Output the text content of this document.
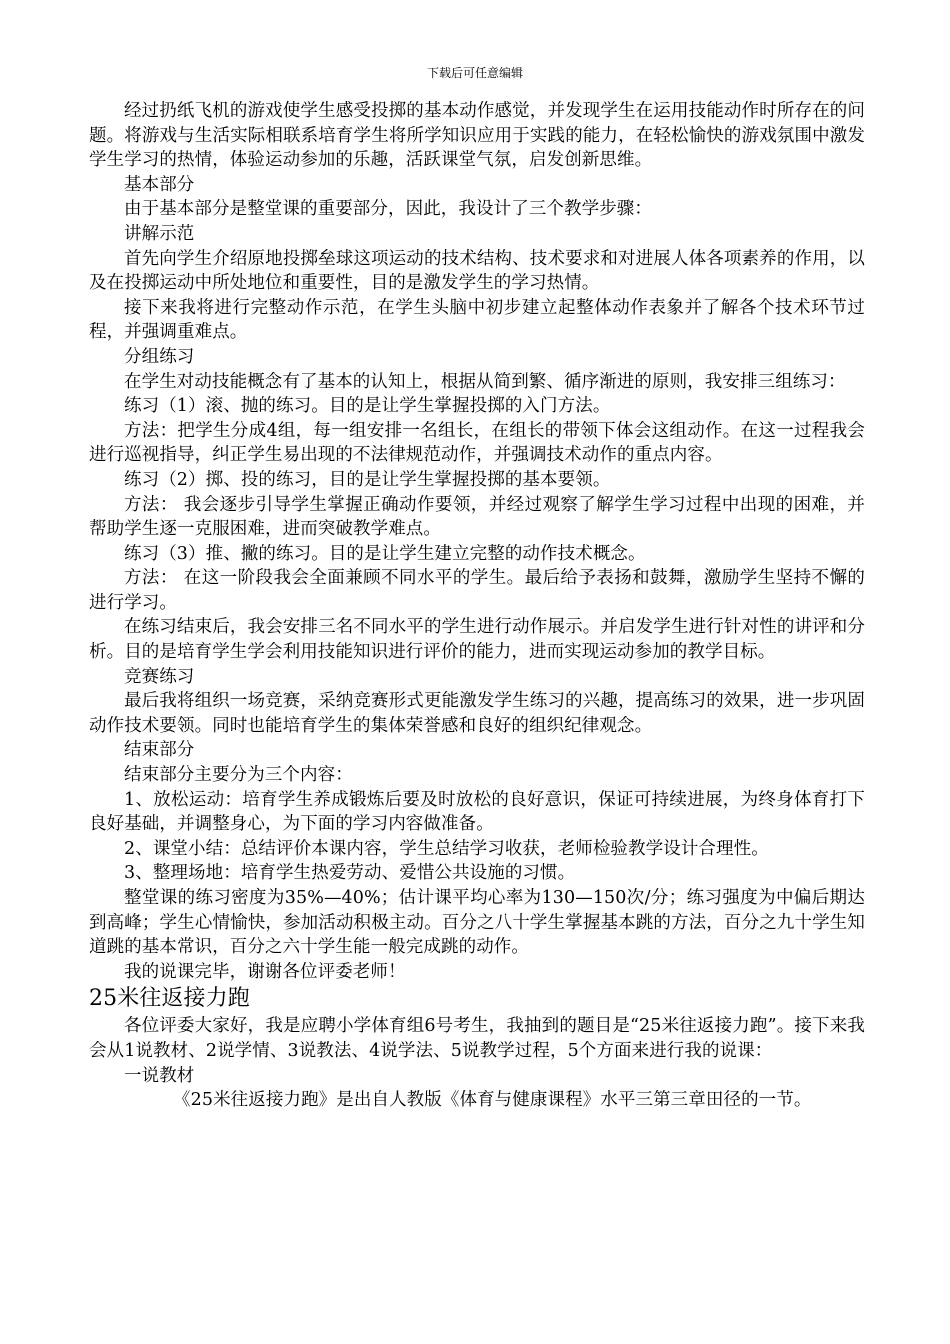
下载后可任意编辑

经过扔纸飞机的游戏使学生感受投掷的基本动作感觉，并发现学生在运用技能动作时所存在的问题。将游戏与生活实际相联系培育学生将所学知识应用于实践的能力，在轻松愉快的游戏氛围中激发学生学习的热情，体验运动参加的乐趣，活跃课堂气氛，启发创新思维。

基本部分

由于基本部分是整堂课的重要部分，因此，我设计了三个教学步骤：

讲解示范

首先向学生介绍原地投掷垒球这项运动的技术结构、技术要求和对进展人体各项素养的作用，以及在投掷运动中所处地位和重要性，目的是激发学生的学习热情。

接下来我将进行完整动作示范，在学生头脑中初步建立起整体动作表象并了解各个技术环节过程，并强调重难点。

分组练习

在学生对动技能概念有了基本的认知上，根据从简到繁、循序渐进的原则，我安排三组练习：

练习（1）滚、抛的练习。目的是让学生掌握投掷的入门方法。

方法：把学生分成4组，每一组安排一名组长，在组长的带领下体会这组动作。在这一过程我会进行巡视指导，纠正学生易出现的不法律规范动作，并强调技术动作的重点内容。

练习（2）掷、投的练习，目的是让学生掌握投掷的基本要领。

方法： 我会逐步引导学生掌握正确动作要领，并经过观察了解学生学习过程中出现的困难，并帮助学生逐一克服困难，进而突破教学难点。

练习（3）推、撇的练习。目的是让学生建立完整的动作技术概念。

方法： 在这一阶段我会全面兼顾不同水平的学生。最后给予表扬和鼓舞，激励学生坚持不懈的进行学习。

在练习结束后，我会安排三名不同水平的学生进行动作展示。并启发学生进行针对性的讲评和分析。目的是培育学生学会利用技能知识进行评价的能力，进而实现运动参加的教学目标。

竞赛练习

最后我将组织一场竞赛，采纳竞赛形式更能激发学生练习的兴趣，提高练习的效果，进一步巩固动作技术要领。同时也能培育学生的集体荣誉感和良好的组织纪律观念。

结束部分

结束部分主要分为三个内容：

1、放松运动：培育学生养成锻炼后要及时放松的良好意识，保证可持续进展，为终身体育打下良好基础，并调整身心，为下面的学习内容做准备。

2、课堂小结：总结评价本课内容，学生总结学习收获，老师检验教学设计合理性。

3、整理场地：培育学生热爱劳动、爱惜公共设施的习惯。

整堂课的练习密度为35%—40%；估计课平均心率为130—150次/分；练习强度为中偏后期达到高峰；学生心情愉快，参加活动积极主动。百分之八十学生掌握基本跳的方法，百分之九十学生知道跳的基本常识，百分之六十学生能一般完成跳的动作。

我的说课完毕，谢谢各位评委老师！

25米往返接力跑

各位评委大家好，我是应聘小学体育组6号考生，我抽到的题目是“25米往返接力跑”。接下来我会从1说教材、2说学情、3说教法、4说学法、5说教学过程，5个方面来进行我的说课：

一说教材

《25米往返接力跑》是出自人教版《体育与健康课程》水平三第三章田径的一节。
